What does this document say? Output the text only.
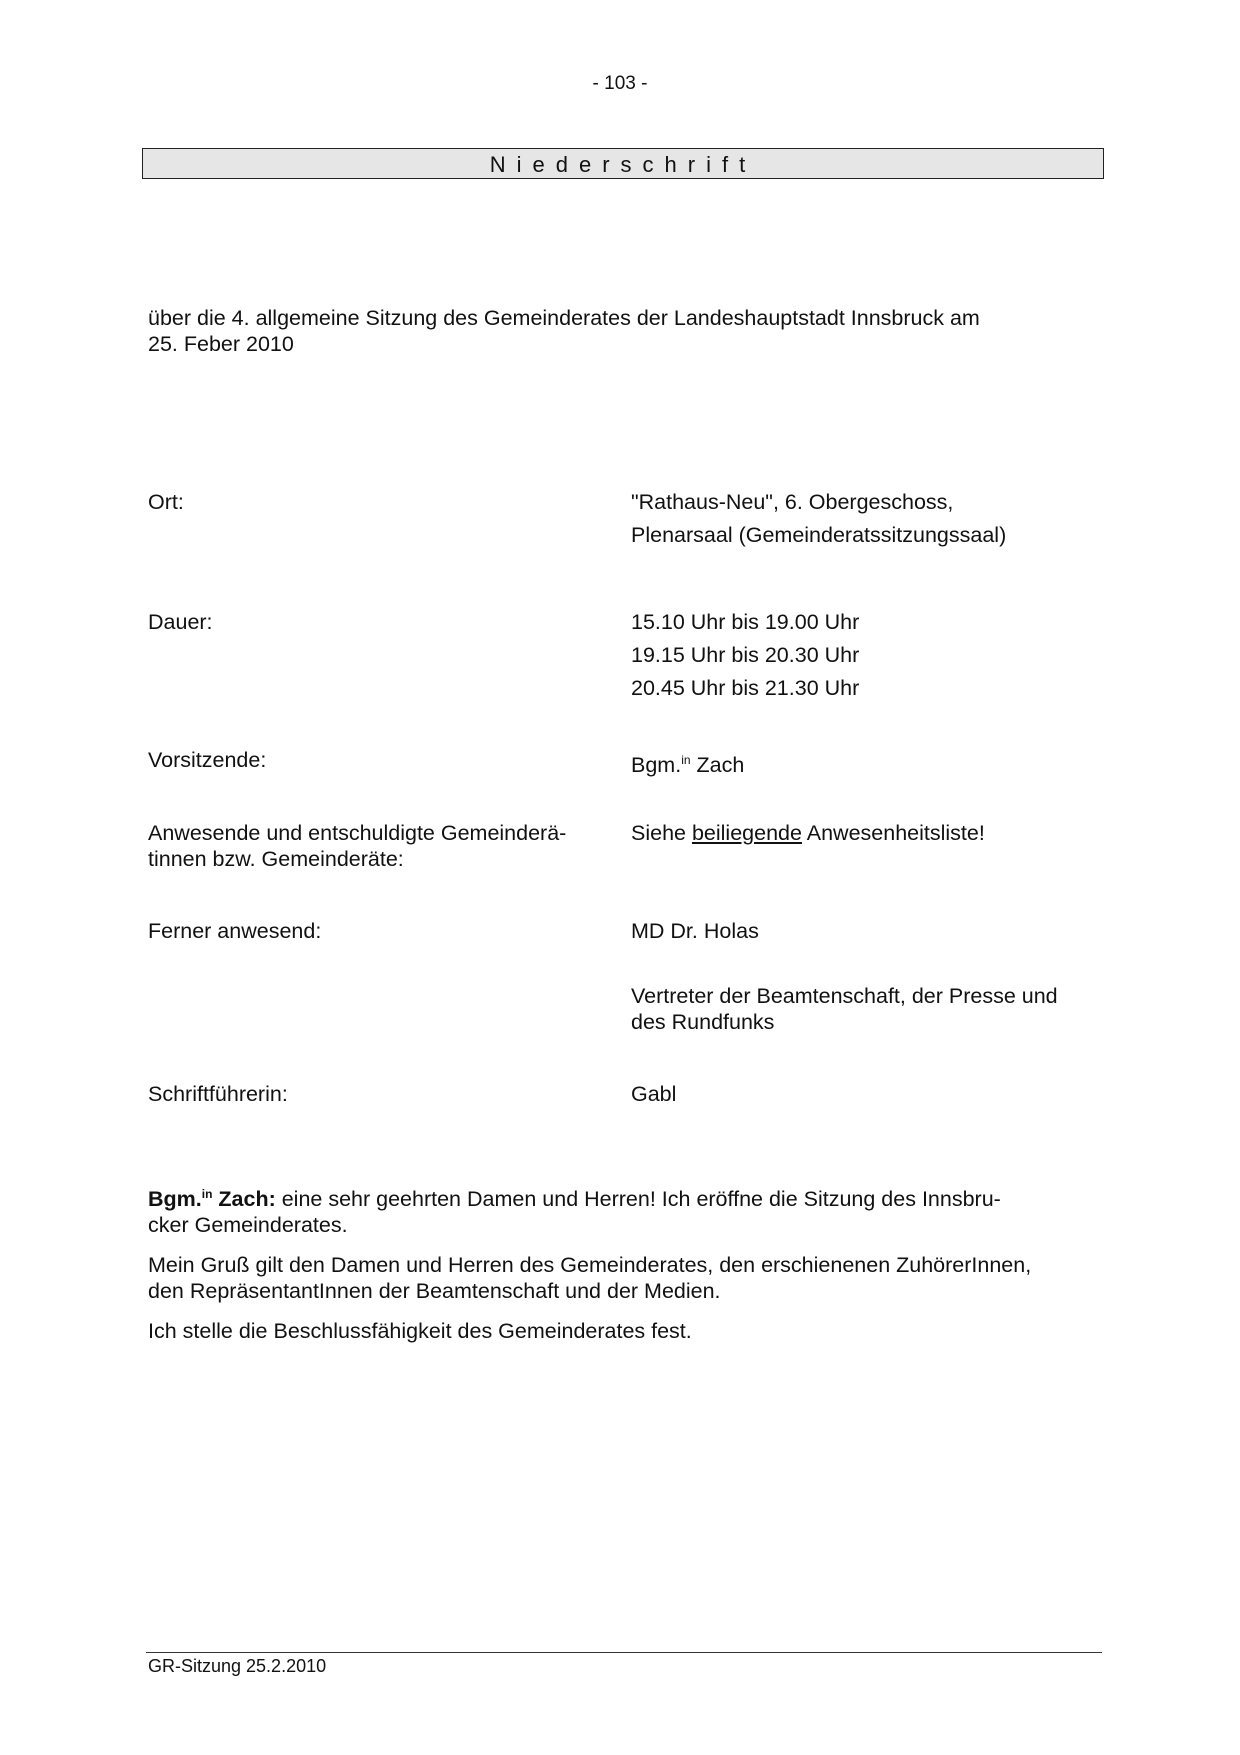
- 103 -
Niederschrift
über die 4. allgemeine Sitzung des Gemeinderates der Landeshauptstadt Innsbruck am
25. Feber 2010
Ort:	"Rathaus-Neu", 6. Obergeschoss,
Plenarsaal (Gemeinderatssitzungssaal)
Dauer:	15.10 Uhr bis 19.00 Uhr
19.15 Uhr bis 20.30 Uhr
20.45 Uhr bis 21.30 Uhr
Vorsitzende:	Bgm.$^{in}$ Zach
Anwesende und entschuldigte Gemeinderä-
tinnen bzw. Gemeinderäte:
Siehe beiliegende Anwesenheitsliste!
Ferner anwesend:	MD Dr. Holas
Vertreter der Beamtenschaft, der Presse und
des Rundfunks
Schriftführerin:	Gabl

Bgm.$^{in}$ Zach: eine sehr geehrten Damen und Herren! Ich eröffne die Sitzung des Innsbru-
cker Gemeinderates.

Mein Gruß gilt den Damen und Herren des Gemeinderates, den erschienenen ZuhörerInnen,
den RepräsentantInnen der Beamtenschaft und der Medien.

Ich stelle die Beschlussfähigkeit des Gemeinderates fest.

GR-Sitzung 25.2.2010
